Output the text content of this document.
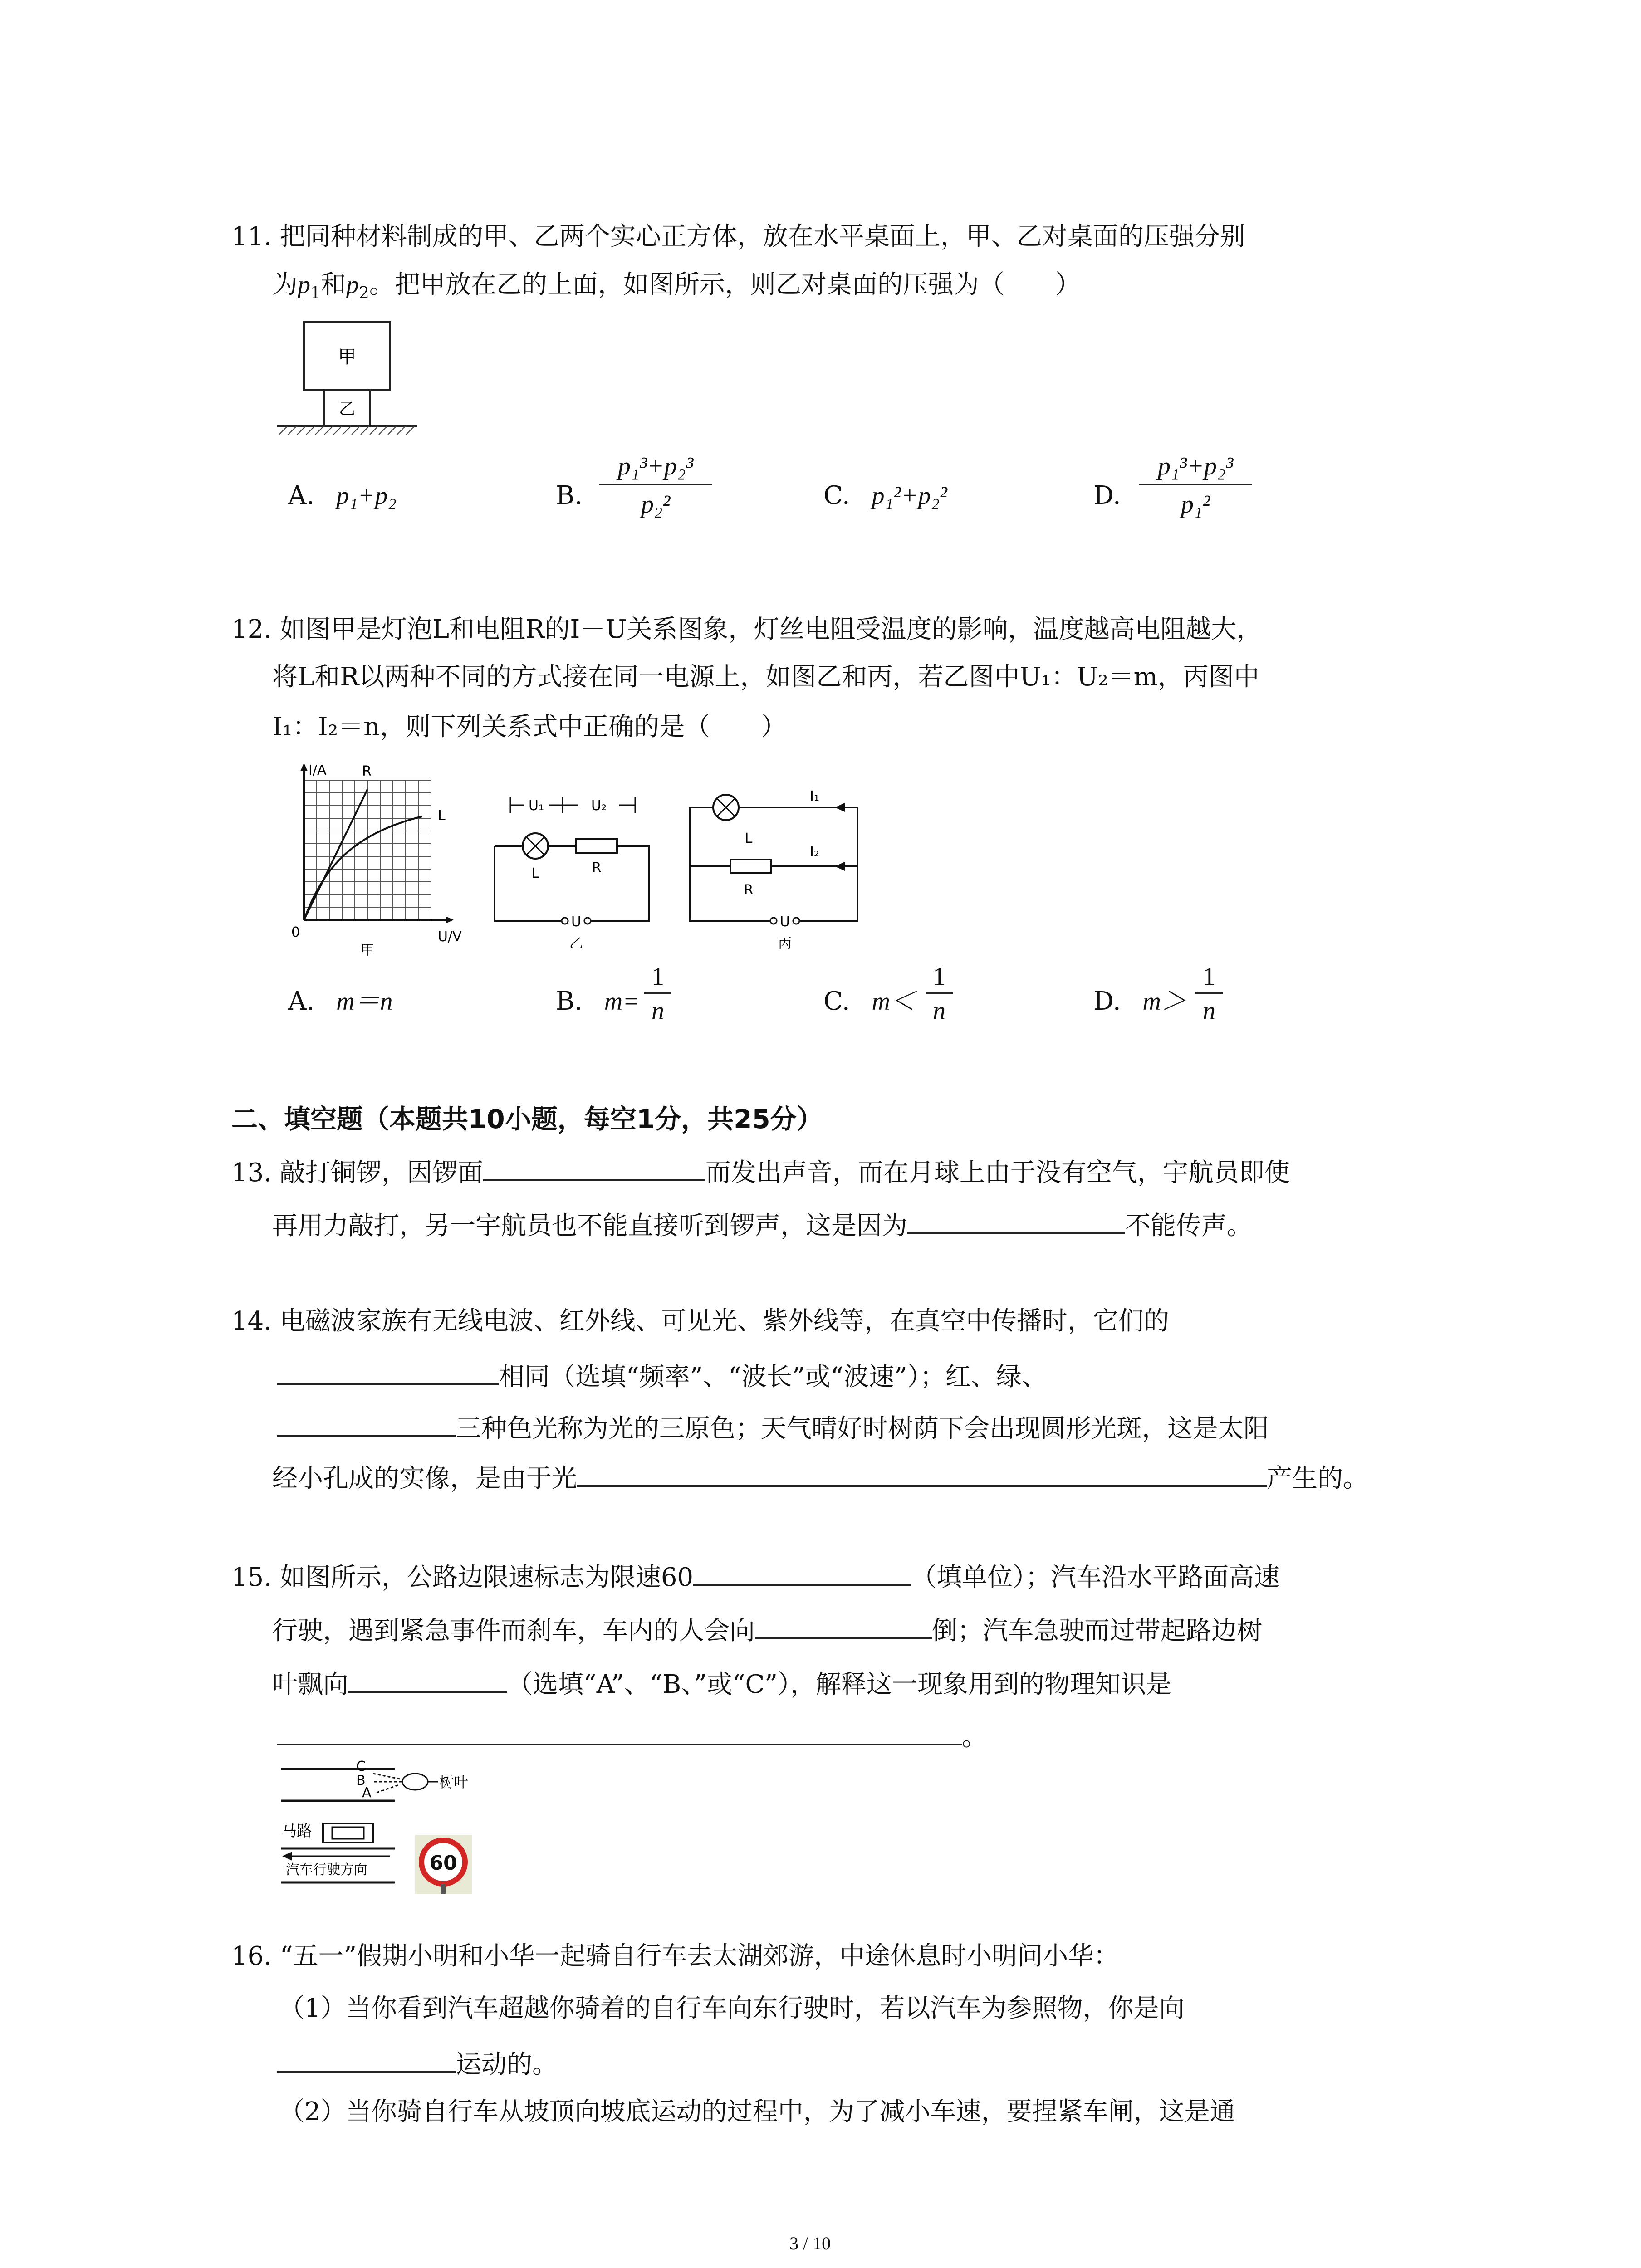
11. 把同种材料制成的甲、乙两个实心正方体，放在水平桌面上，甲、乙对桌面的压强分别
为$p_1$和$p_2$。把甲放在乙的上面，如图所示，则乙对桌面的压强为（　　）
甲
乙
A. p₁+p₂	B. $\frac{\text{p₁³+p₂³}}{\text{p₂²}}$	C. p₁²+p₂²	D. $\frac{\text{p₁³+p₂³}}{\text{p₁²}}$
12. 如图甲是灯泡L和电阻R的I－U关系图象，灯丝电阻受温度的影响，温度越高电阻越大，
将L和R以两种不同的方式接在同一电源上，如图乙和丙，若乙图中U₁：U₂＝m，丙图中
I₁：I₂＝n，则下列关系式中正确的是（　　）
I/A	R
L
0	U/V
甲
U₁	U₂
L	R
U
乙
I₁
I₂
L
R
U
丙
A. m＝n	B. $m= \frac{1}{n}$	C. $m< \frac{1}{n}$	D. $m> \frac{1}{n}$
二、填空题（本题共10小题，每空1分，共25分）
13. 敲打铜锣，因锣面	而发出声音，而在月球上由于没有空气，宇航员即使
再用力敲打，另一宇航员也不能直接听到锣声，这是因为	不能传声。
14. 电磁波家族有无线电波、红外线、可见光、紫外线等，在真空中传播时，它们的
相同（选填“频率”、“波长”或“波速”）；红、绿、
三种色光称为光的三原色；天气晴好时树荫下会出现圆形光斑，这是太阳
经小孔成的实像，是由于光	产生的。
15. 如图所示，公路边限速标志为限速60	（填单位）；汽车沿水平路面高速
行驶，遇到紧急事件而刹车，车内的人会向	倒；汽车急驶而过带起路边树
叶飘向	（选填“A”、“B、”或“C”），解释这一现象用到的物理知识是
。
C
B
A
树叶
马路
汽车行驶方向	60
16. “五一”假期小明和小华一起骑自行车去太湖郊游，中途休息时小明问小华：
（1）当你看到汽车超越你骑着的自行车向东行驶时，若以汽车为参照物，你是向
运动的。
（2）当你骑自行车从坡顶向坡底运动的过程中，为了减小车速，要捏紧车闸，这是通
3 / 10
